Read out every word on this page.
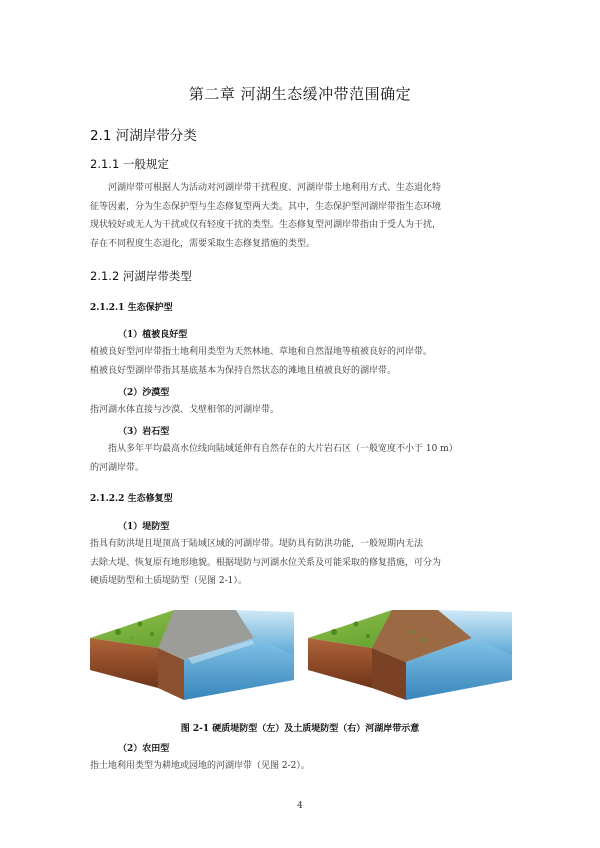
第二章 河湖生态缓冲带范围确定
2.1 河湖岸带分类
2.1.1 一般规定
河湖岸带可根据人为活动对河湖岸带干扰程度、河湖岸带土地利用方式、生态退化特
征等因素，分为生态保护型与生态修复型两大类。其中，生态保护型河湖岸带指生态环境
现状较好或无人为干扰或仅有轻度干扰的类型。生态修复型河湖岸带指由于受人为干扰，
存在不同程度生态退化，需要采取生态修复措施的类型。
2.1.2 河湖岸带类型
2.1.2.1 生态保护型
（1）植被良好型
植被良好型河岸带指土地利用类型为天然林地、草地和自然湿地等植被良好的河岸带。
植被良好型湖岸带指其基底基本为保持自然状态的滩地且植被良好的湖岸带。
（2）沙漠型
指河湖水体直接与沙漠、戈壁相邻的河湖岸带。
（3）岩石型
指从多年平均最高水位线向陆域延伸有自然存在的大片岩石区（一般宽度不小于 10 m）
的河湖岸带。
2.1.2.2 生态修复型
（1）堤防型
指具有防洪堤且堤顶高于陆域区域的河湖岸带。堤防具有防洪功能，一般短期内无法
去除大堤、恢复原有地形地貌。根据堤防与河湖水位关系及可能采取的修复措施，可分为
硬质堤防型和土质堤防型（见图 2-1）。
图 2-1 硬质堤防型（左）及土质堤防型（右）河湖岸带示意
（2）农田型
指土地利用类型为耕地或园地的河湖岸带（见图 2-2）。
4
